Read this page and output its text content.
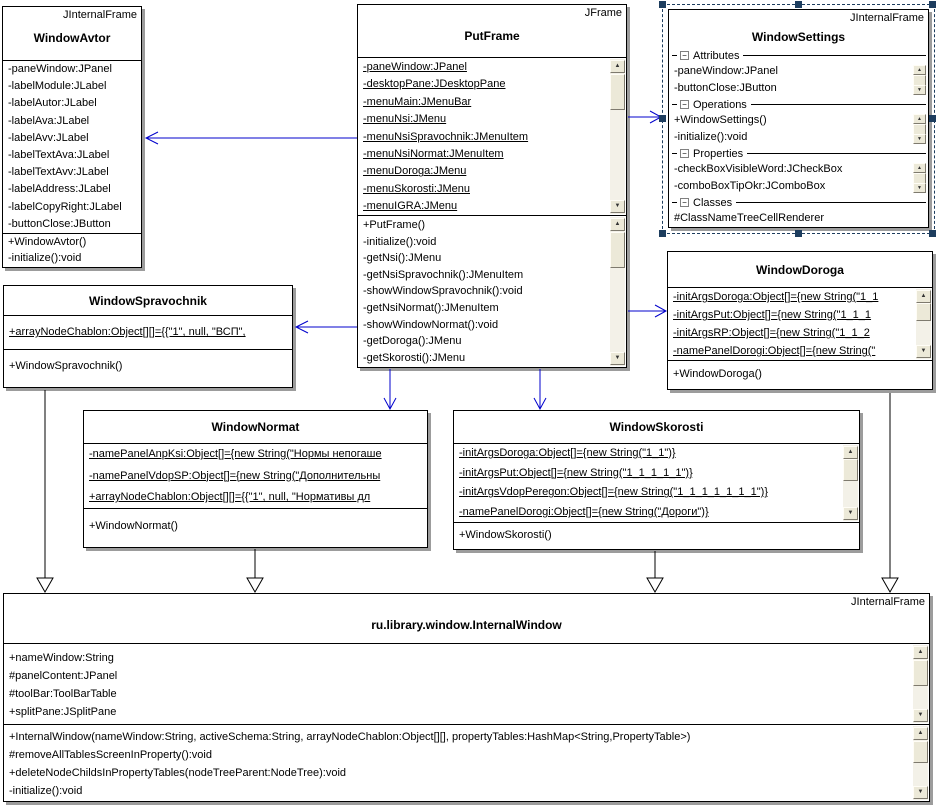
JInternalFrame
WindowAvtor
-paneWindow:JPanel
-labelModule:JLabel
-labelAutor:JLabel
-labelAva:JLabel
-labelAvv:JLabel
-labelTextAva:JLabel
-labelTextAvv:JLabel
-labelAddress:JLabel
-labelCopyRight:JLabel
-buttonClose:JButton
+WindowAvtor()
-initialize():void
JFrame
PutFrame
-paneWindow:JPanel
-desktopPane:JDesktopPane
-menuMain:JMenuBar
-menuNsi:JMenu
-menuNsiSpravochnik:JMenuItem
-menuNsiNormat:JMenuItem
-menuDoroga:JMenu
-menuSkorosti:JMenu
-menuIGRA:JMenu
▲
▼
+PutFrame()
-initialize():void
-getNsi():JMenu
-getNsiSpravochnik():JMenuItem
-showWindowSpravochnik():void
-getNsiNormat():JMenuItem
-showWindowNormat():void
-getDoroga():JMenu
-getSkorosti():JMenu
▲
▼
JInternalFrame
WindowSettings
− Attributes
-paneWindow:JPanel
-buttonClose:JButton
▲
▼
− Operations
+WindowSettings()
-initialize():void
▲
▼
− Properties
-checkBoxVisibleWord:JCheckBox
-comboBoxTipOkr:JComboBox
▲
▼
− Classes
#ClassNameTreeCellRenderer
WindowDoroga
-initArgsDoroga:Object[]={new String("1_1
-initArgsPut:Object[]={new String("1_1_1
-initArgsRP:Object[]={new String("1_1_2
-namePanelDorogi:Object[]={new String("
▲
▼
+WindowDoroga()
WindowSpravochnik
+arrayNodeChablon:Object[][]={{"1", null, "ВСП",
+WindowSpravochnik()
WindowNormat
-namePanelAnpKsi:Object[]={new String("Нормы непогаше
-namePanelVdopSP:Object[]={new String("Дополнительны
+arrayNodeChablon:Object[][]={{"1", null, "Нормативы дл
+WindowNormat()
WindowSkorosti
-initArgsDoroga:Object[]={new String("1_1")}
-initArgsPut:Object[]={new String("1_1_1_1_1")}
-initArgsVdopPeregon:Object[]={new String("1_1_1_1_1_1_1")}
-namePanelDorogi:Object[]={new String("Дороги")}
▲
▼
+WindowSkorosti()
JInternalFrame
ru.library.window.InternalWindow
+nameWindow:String
#panelContent:JPanel
#toolBar:ToolBarTable
+splitPane:JSplitPane
▲
▼
+InternalWindow(nameWindow:String, activeSchema:String, arrayNodeChablon:Object[][], propertyTables:HashMap<String,PropertyTable>)
#removeAllTablesScreenInProperty():void
+deleteNodeChildsInPropertyTables(nodeTreeParent:NodeTree):void
-initialize():void
▲
▼
